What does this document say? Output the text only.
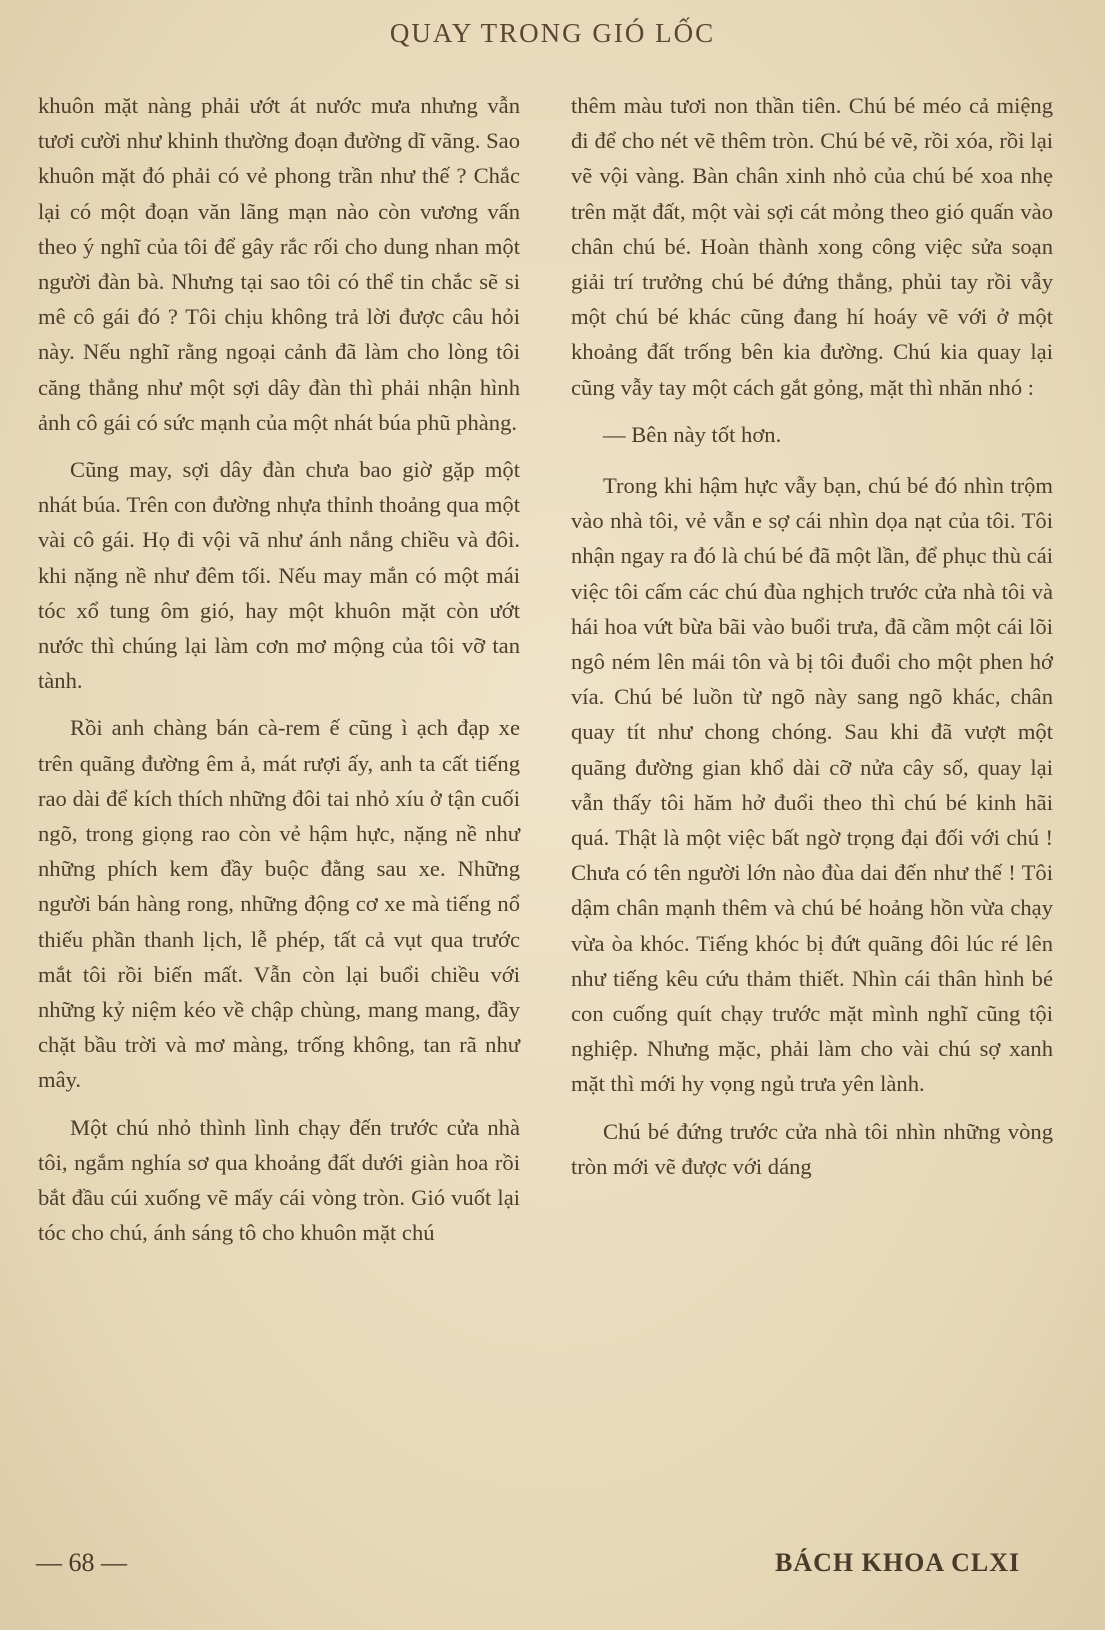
QUAY TRONG GIÓ LỐC

khuôn mặt nàng phải ướt át nước mưa nhưng vẫn tươi cười như khinh thường đoạn đường dĩ vãng. Sao khuôn mặt đó phải có vẻ phong trần như thế ? Chắc lại có một đoạn văn lãng mạn nào còn vương vấn theo ý nghĩ của tôi để gây rắc rối cho dung nhan một người đàn bà. Nhưng tại sao tôi có thể tin chắc sẽ si mê cô gái đó ? Tôi chịu không trả lời được câu hỏi này. Nếu nghĩ rằng ngoại cảnh đã làm cho lòng tôi căng thẳng như một sợi dây đàn thì phải nhận hình ảnh cô gái có sức mạnh của một nhát búa phũ phàng.

Cũng may, sợi dây đàn chưa bao giờ gặp một nhát búa. Trên con đường nhựa thỉnh thoảng qua một vài cô gái. Họ đi vội vã như ánh nắng chiều và đôi. khi nặng nề như đêm tối. Nếu may mắn có một mái tóc xổ tung ôm gió, hay một khuôn mặt còn ướt nước thì chúng lại làm cơn mơ mộng của tôi vỡ tan tành.

Rồi anh chàng bán cà-rem ế cũng ì ạch đạp xe trên quãng đường êm ả, mát rượi ấy, anh ta cất tiếng rao dài để kích thích những đôi tai nhỏ xíu ở tận cuối ngõ, trong giọng rao còn vẻ hậm hực, nặng nề như những phích kem đầy buộc đằng sau xe. Những người bán hàng rong, những động cơ xe mà tiếng nổ thiếu phần thanh lịch, lễ phép, tất cả vụt qua trước mắt tôi rồi biến mất. Vẫn còn lại buổi chiều với những kỷ niệm kéo về chập chùng, mang mang, đầy chặt bầu trời và mơ màng, trống không, tan rã như mây.

Một chú nhỏ thình lình chạy đến trước cửa nhà tôi, ngắm nghía sơ qua khoảng đất dưới giàn hoa rồi bắt đầu cúi xuống vẽ mấy cái vòng tròn. Gió vuốt lại tóc cho chú, ánh sáng tô cho khuôn mặt chú

thêm màu tươi non thần tiên. Chú bé méo cả miệng đi để cho nét vẽ thêm tròn. Chú bé vẽ, rồi xóa, rồi lại vẽ vội vàng. Bàn chân xinh nhỏ của chú bé xoa nhẹ trên mặt đất, một vài sợi cát mỏng theo gió quấn vào chân chú bé. Hoàn thành xong công việc sửa soạn giải trí trưởng chú bé đứng thẳng, phủi tay rồi vẫy một chú bé khác cũng đang hí hoáy vẽ với ở một khoảng đất trống bên kia đường. Chú kia quay lại cũng vẫy tay một cách gắt gỏng, mặt thì nhăn nhó :

— Bên này tốt hơn.

Trong khi hậm hực vẫy bạn, chú bé đó nhìn trộm vào nhà tôi, vẻ vẫn e sợ cái nhìn dọa nạt của tôi. Tôi nhận ngay ra đó là chú bé đã một lần, để phục thù cái việc tôi cấm các chú đùa nghịch trước cửa nhà tôi và hái hoa vứt bừa bãi vào buổi trưa, đã cầm một cái lõi ngô ném lên mái tôn và bị tôi đuổi cho một phen hớ vía. Chú bé luồn từ ngõ này sang ngõ khác, chân quay tít như chong chóng. Sau khi đã vượt một quãng đường gian khổ dài cỡ nửa cây số, quay lại vẫn thấy tôi hăm hở đuổi theo thì chú bé kinh hãi quá. Thật là một việc bất ngờ trọng đại đối với chú ! Chưa có tên người lớn nào đùa dai đến như thế ! Tôi dậm chân mạnh thêm và chú bé hoảng hồn vừa chạy vừa òa khóc. Tiếng khóc bị đứt quãng đôi lúc ré lên như tiếng kêu cứu thảm thiết. Nhìn cái thân hình bé con cuống quít chạy trước mặt mình nghĩ cũng tội nghiệp. Nhưng mặc, phải làm cho vài chú sợ xanh mặt thì mới hy vọng ngủ trưa yên lành.

Chú bé đứng trước cửa nhà tôi nhìn những vòng tròn mới vẽ được với dáng

— 68 —	BÁCH KHOA CLXI
